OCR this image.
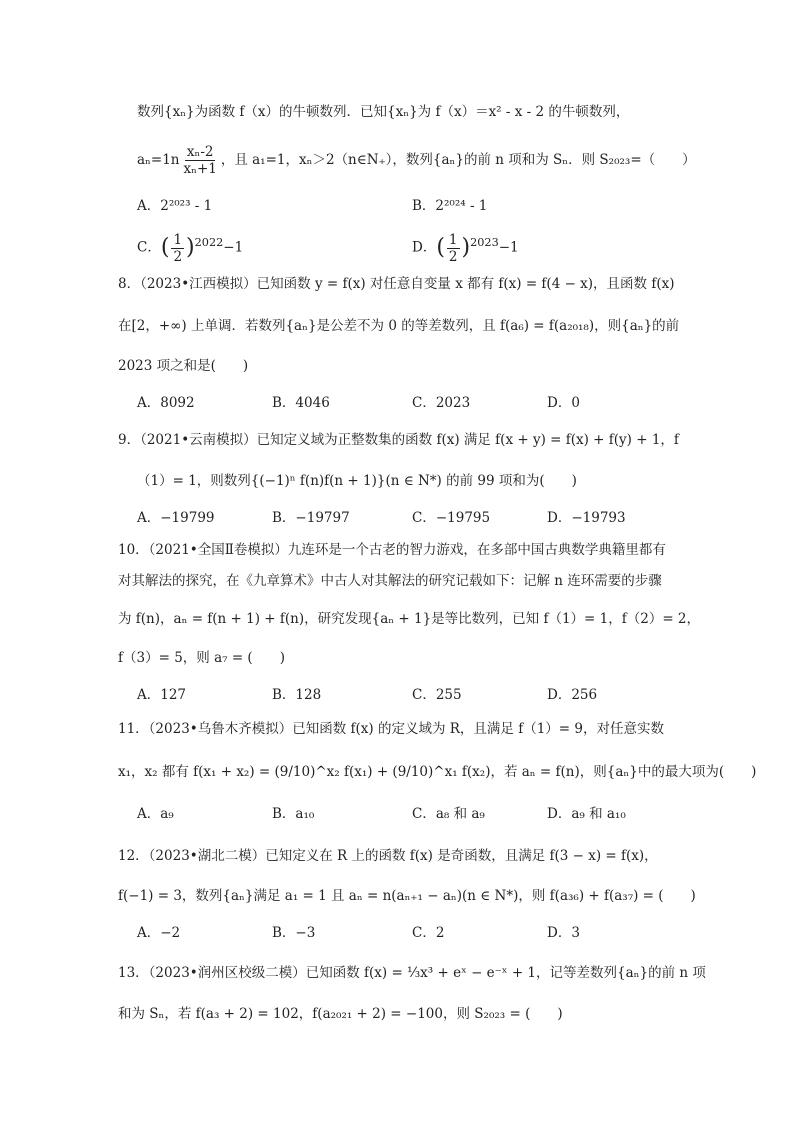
数列{xₙ}为函数 f（x）的牛顿数列．已知{xₙ}为 f（x）＝x² - x - 2 的牛顿数列，
$a_n=1n \frac{\text{xₙ-2}}{\text{xₙ+1}}$ ，且 a₁=1，xₙ＞2（n∈N₊），数列{aₙ}的前 n 项和为 Sₙ．则 S₂₀₂₃=（　　）
A．2²⁰²³ - 1	B．2²⁰²⁴ - 1
C．( $\frac{1}{2} )^{2022}-1$	D．( $\frac{1}{2} )^{2023}-1$
8．（2023•江西模拟）已知函数 y = f(x) 对任意自变量 x 都有 f(x) = f(4 − x)，且函数 f(x)
在[2，+∞) 上单调．若数列{aₙ}是公差不为 0 的等差数列，且 f(a₆) = f(a₂₀₁₈)，则{aₙ}的前
2023 项之和是(　　)
A．8092	B．4046	C．2023	D．0
9．（2021•云南模拟）已知定义域为正整数集的函数 f(x) 满足 f(x + y) = f(x) + f(y) + 1，f
（1）= 1，则数列{(−1)ⁿ f(n)f(n + 1)}(n ∈ N*) 的前 99 项和为(　　)
A．−19799	B．−19797	C．−19795	D．−19793
10．（2021•全国Ⅱ卷模拟）九连环是一个古老的智力游戏，在多部中国古典数学典籍里都有
对其解法的探究，在《九章算术》中古人对其解法的研究记载如下：记解 n 连环需要的步骤
为 f(n)，aₙ = f(n + 1) + f(n)，研究发现{aₙ + 1}是等比数列，已知 f（1）= 1，f（2）= 2，
f（3）= 5，则 a₇ = (　　)
A．127	B．128	C．255	D．256
11．（2023•乌鲁木齐模拟）已知函数 f(x) 的定义域为 R，且满足 f（1）= 9，对任意实数
x₁，x₂ 都有 f(x₁ + x₂) = (9/10)^x₂ f(x₁) + (9/10)^x₁ f(x₂)，若 aₙ = f(n)，则{aₙ}中的最大项为(　　)
A．a₉	B．a₁₀	C．a₈ 和 a₉	D．a₉ 和 a₁₀
12．（2023•湖北二模）已知定义在 R 上的函数 f(x) 是奇函数，且满足 f(3 − x) = f(x)，
f(−1) = 3，数列{aₙ}满足 a₁ = 1 且 aₙ = n(aₙ₊₁ − aₙ)(n ∈ N*)，则 f(a₃₆) + f(a₃₇) = (　　)
A．−2	B．−3	C．2	D．3
13．（2023•润州区校级二模）已知函数 f(x) = ⅓x³ + eˣ − e⁻ˣ + 1，记等差数列{aₙ}的前 n 项
和为 Sₙ，若 f(a₃ + 2) = 102，f(a₂₀₂₁ + 2) = −100，则 S₂₀₂₃ = (　　)
